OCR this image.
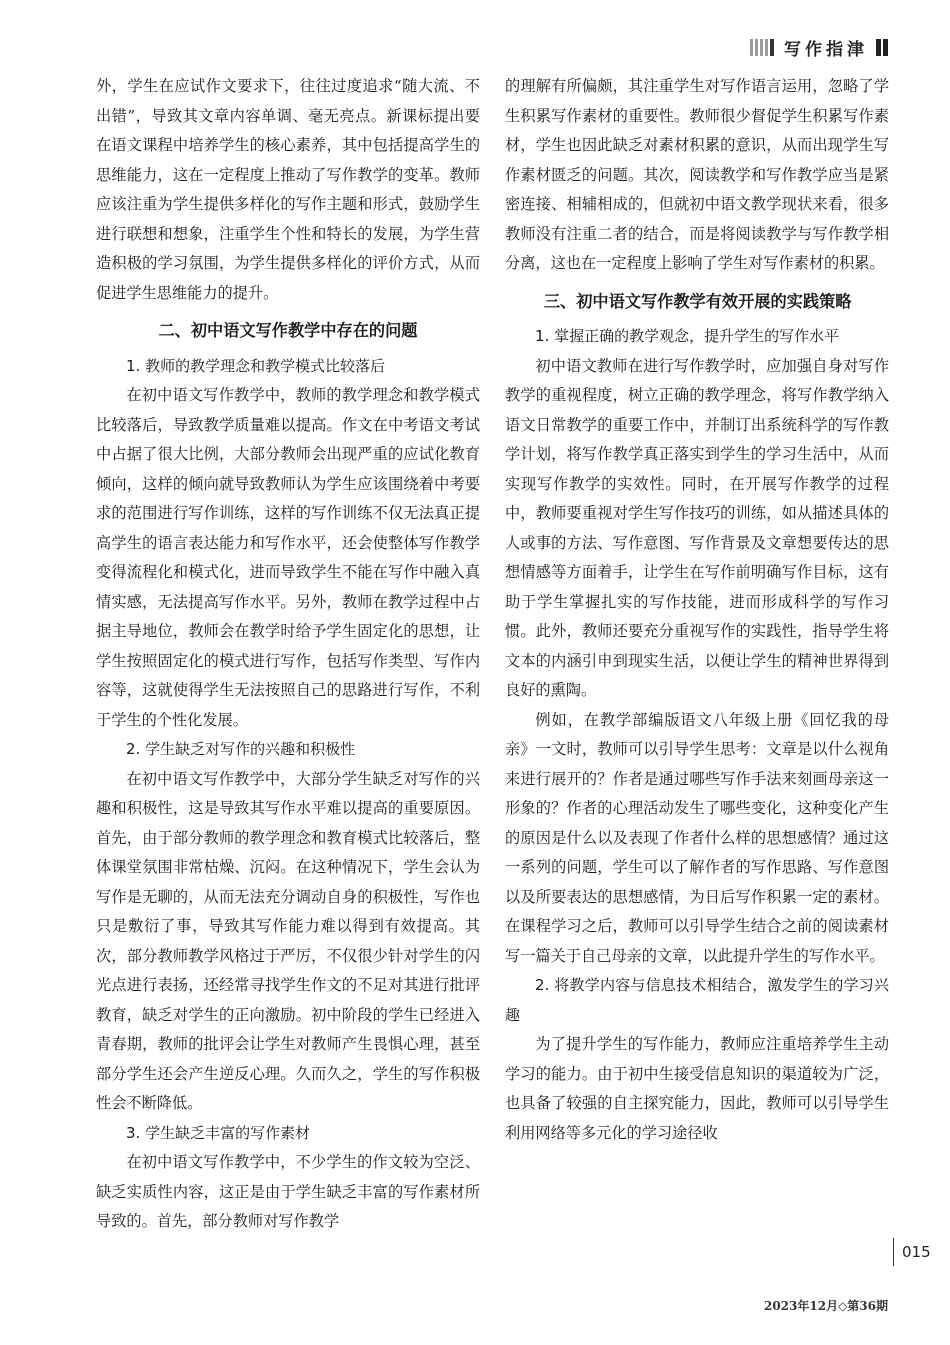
写作指津

外，学生在应试作文要求下，往往过度追求“随大流、不出错”，导致其文章内容单调、毫无亮点。新课标提出要在语文课程中培养学生的核心素养，其中包括提高学生的思维能力，这在一定程度上推动了写作教学的变革。教师应该注重为学生提供多样化的写作主题和形式，鼓励学生进行联想和想象，注重学生个性和特长的发展，为学生营造积极的学习氛围，为学生提供多样化的评价方式，从而促进学生思维能力的提升。

二、初中语文写作教学中存在的问题
1. 教师的教学理念和教学模式比较落后

在初中语文写作教学中，教师的教学理念和教学模式比较落后，导致教学质量难以提高。作文在中考语文考试中占据了很大比例，大部分教师会出现严重的应试化教育倾向，这样的倾向就导致教师认为学生应该围绕着中考要求的范围进行写作训练，这样的写作训练不仅无法真正提高学生的语言表达能力和写作水平，还会使整体写作教学变得流程化和模式化，进而导致学生不能在写作中融入真情实感，无法提高写作水平。另外，教师在教学过程中占据主导地位，教师会在教学时给予学生固定化的思想，让学生按照固定化的模式进行写作，包括写作类型、写作内容等，这就使得学生无法按照自己的思路进行写作，不利于学生的个性化发展。

2. 学生缺乏对写作的兴趣和积极性

在初中语文写作教学中，大部分学生缺乏对写作的兴趣和积极性，这是导致其写作水平难以提高的重要原因。首先，由于部分教师的教学理念和教育模式比较落后，整体课堂氛围非常枯燥、沉闷。在这种情况下，学生会认为写作是无聊的，从而无法充分调动自身的积极性，写作也只是敷衍了事，导致其写作能力难以得到有效提高。其次，部分教师教学风格过于严厉，不仅很少针对学生的闪光点进行表扬，还经常寻找学生作文的不足对其进行批评教育，缺乏对学生的正向激励。初中阶段的学生已经进入青春期，教师的批评会让学生对教师产生畏惧心理，甚至部分学生还会产生逆反心理。久而久之，学生的写作积极性会不断降低。

3. 学生缺乏丰富的写作素材

在初中语文写作教学中，不少学生的作文较为空泛、缺乏实质性内容，这正是由于学生缺乏丰富的写作素材所导致的。首先，部分教师对写作教学

的理解有所偏颇，其注重学生对写作语言运用，忽略了学生积累写作素材的重要性。教师很少督促学生积累写作素材，学生也因此缺乏对素材积累的意识，从而出现学生写作素材匮乏的问题。其次，阅读教学和写作教学应当是紧密连接、相辅相成的，但就初中语文教学现状来看，很多教师没有注重二者的结合，而是将阅读教学与写作教学相分离，这也在一定程度上影响了学生对写作素材的积累。

三、初中语文写作教学有效开展的实践策略
1. 掌握正确的教学观念，提升学生的写作水平

初中语文教师在进行写作教学时，应加强自身对写作教学的重视程度，树立正确的教学理念，将写作教学纳入语文日常教学的重要工作中，并制订出系统科学的写作教学计划，将写作教学真正落实到学生的学习生活中，从而实现写作教学的实效性。同时，在开展写作教学的过程中，教师要重视对学生写作技巧的训练，如从描述具体的人或事的方法、写作意图、写作背景及文章想要传达的思想情感等方面着手，让学生在写作前明确写作目标，这有助于学生掌握扎实的写作技能，进而形成科学的写作习惯。此外，教师还要充分重视写作的实践性，指导学生将文本的内涵引申到现实生活，以便让学生的精神世界得到良好的熏陶。

例如，在教学部编版语文八年级上册《回忆我的母亲》一文时，教师可以引导学生思考：文章是以什么视角来进行展开的？作者是通过哪些写作手法来刻画母亲这一形象的？作者的心理活动发生了哪些变化，这种变化产生的原因是什么以及表现了作者什么样的思想感情？通过这一系列的问题，学生可以了解作者的写作思路、写作意图以及所要表达的思想感情，为日后写作积累一定的素材。在课程学习之后，教师可以引导学生结合之前的阅读素材写一篇关于自己母亲的文章，以此提升学生的写作水平。

2. 将教学内容与信息技术相结合，激发学生的学习兴趣

为了提升学生的写作能力，教师应注重培养学生主动学习的能力。由于初中生接受信息知识的渠道较为广泛，也具备了较强的自主探究能力，因此，教师可以引导学生利用网络等多元化的学习途径收

015
2023年12月◇第36期
